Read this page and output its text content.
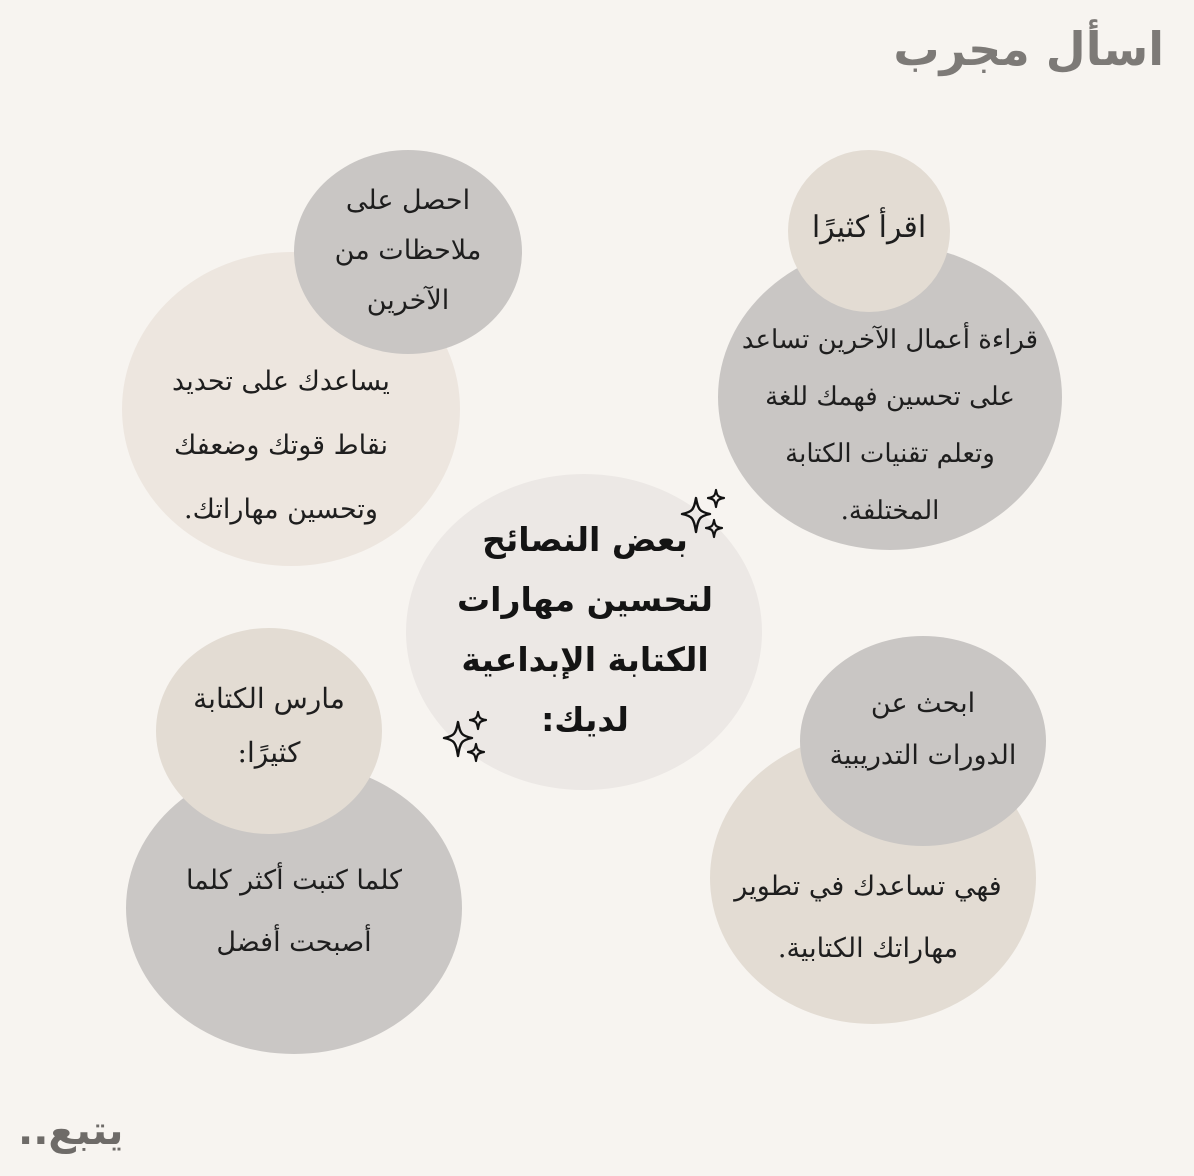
اسأل مجرب
اقرأ كثيرًا
قراءة أعمال الآخرين تساعد
على تحسين فهمك للغة
وتعلم تقنيات الكتابة
المختلفة.
احصل على
ملاحظات من
الآخرين
يساعدك على تحديد
نقاط قوتك وضعفك
وتحسين مهاراتك.
بعض النصائح
لتحسين مهارات
الكتابة الإبداعية
لديك:
مارس الكتابة
كثيرًا:
كلما كتبت أكثر كلما
أصبحت أفضل
ابحث عن
الدورات التدريبية
فهي تساعدك في تطوير
مهاراتك الكتابية.
يتبع..
